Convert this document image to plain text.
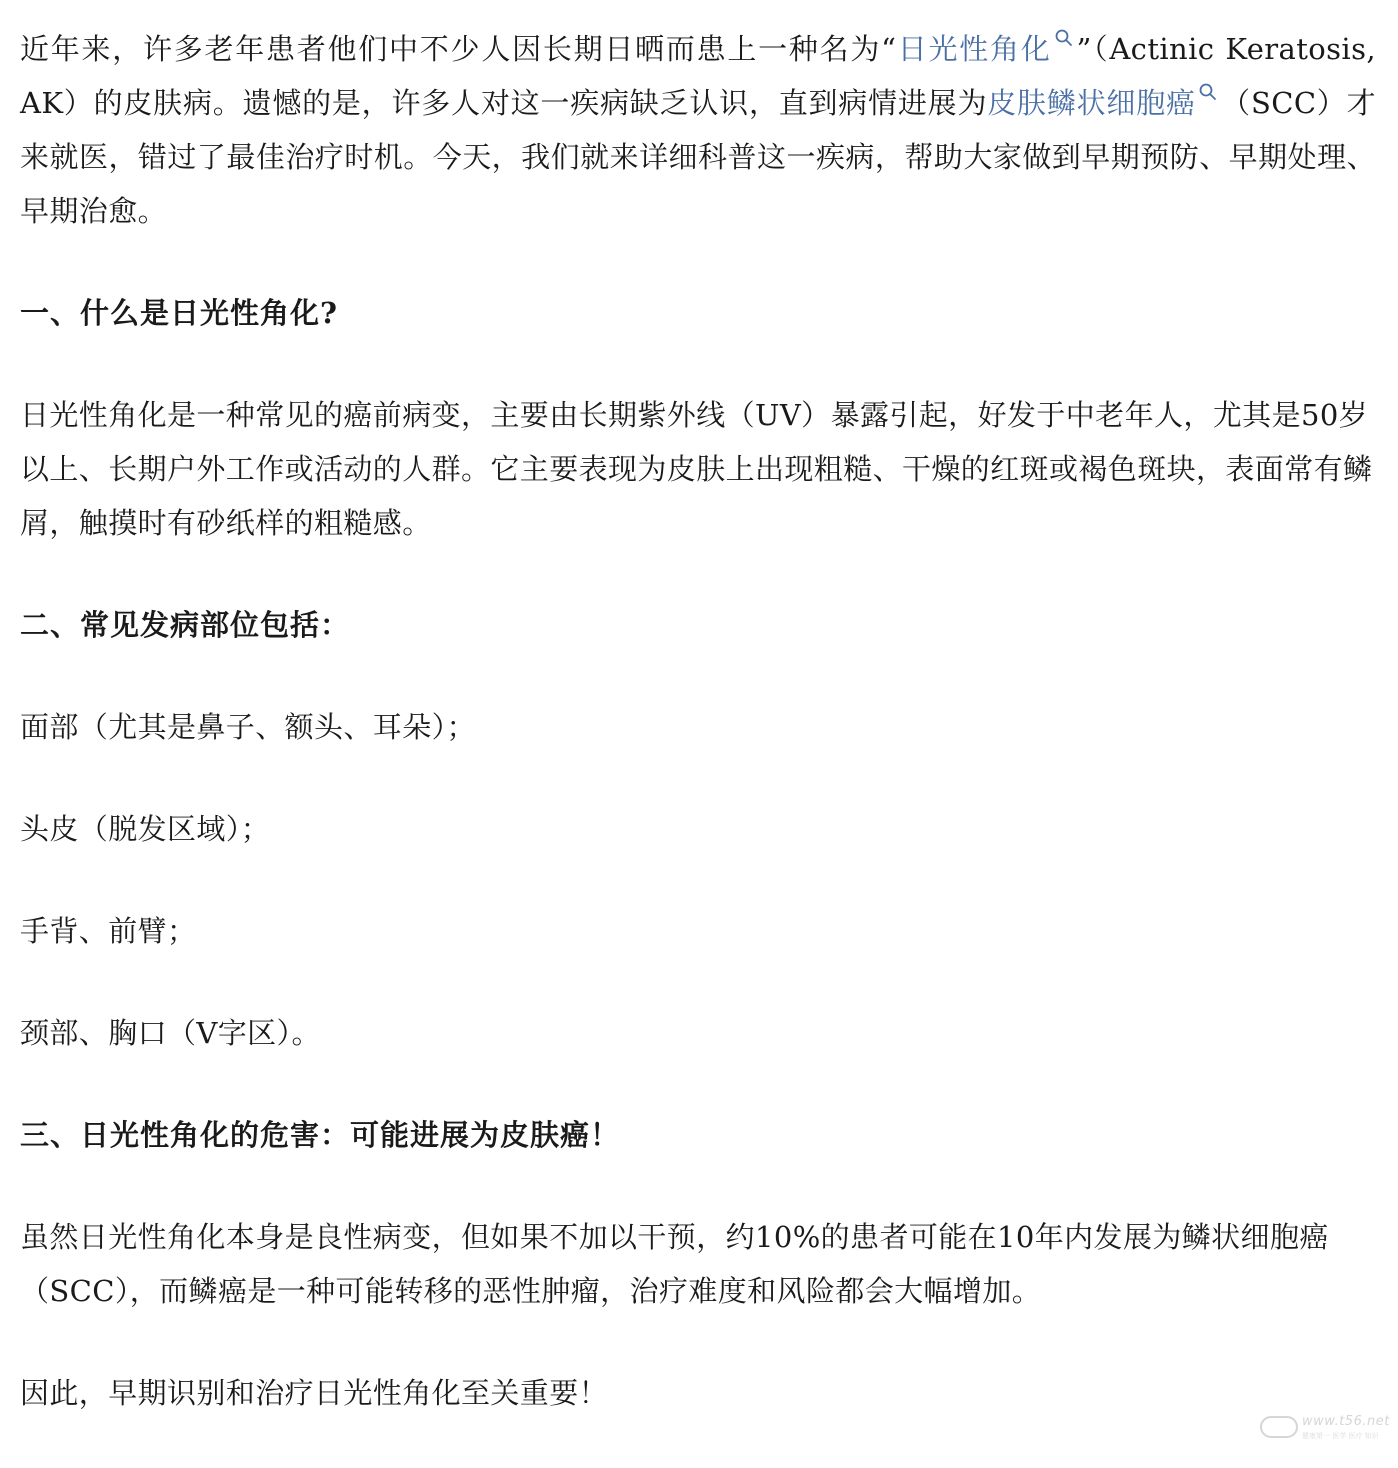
近年来，许多老年患者他们中不少人因长期日晒而患上一种名为“日光性角化 ”（Actinic Keratosis, AK）的皮肤病。遗憾的是，许多人对这一疾病缺乏认识，直到病情进展为皮肤鳞状细胞癌 （SCC）才来就医，错过了最佳治疗时机。今天，我们就来详细科普这一疾病，帮助大家做到早期预防、早期处理、早期治愈。

一、什么是日光性角化?

日光性角化是一种常见的癌前病变，主要由长期紫外线（UV）暴露引起，好发于中老年人，尤其是50岁以上、长期户外工作或活动的人群。它主要表现为皮肤上出现粗糙、干燥的红斑或褐色斑块，表面常有鳞屑，触摸时有砂纸样的粗糙感。

二、常见发病部位包括：

面部（尤其是鼻子、额头、耳朵）；

头皮（脱发区域）；

手背、前臂；

颈部、胸口（V字区）。

三、日光性角化的危害：可能进展为皮肤癌！

虽然日光性角化本身是良性病变，但如果不加以干预，约10%的患者可能在10年内发展为鳞状细胞癌（SCC），而鳞癌是一种可能转移的恶性肿瘤，治疗难度和风险都会大幅增加。

因此，早期识别和治疗日光性角化至关重要！

www.t56.net
健康第一 医学 医疗 知识
